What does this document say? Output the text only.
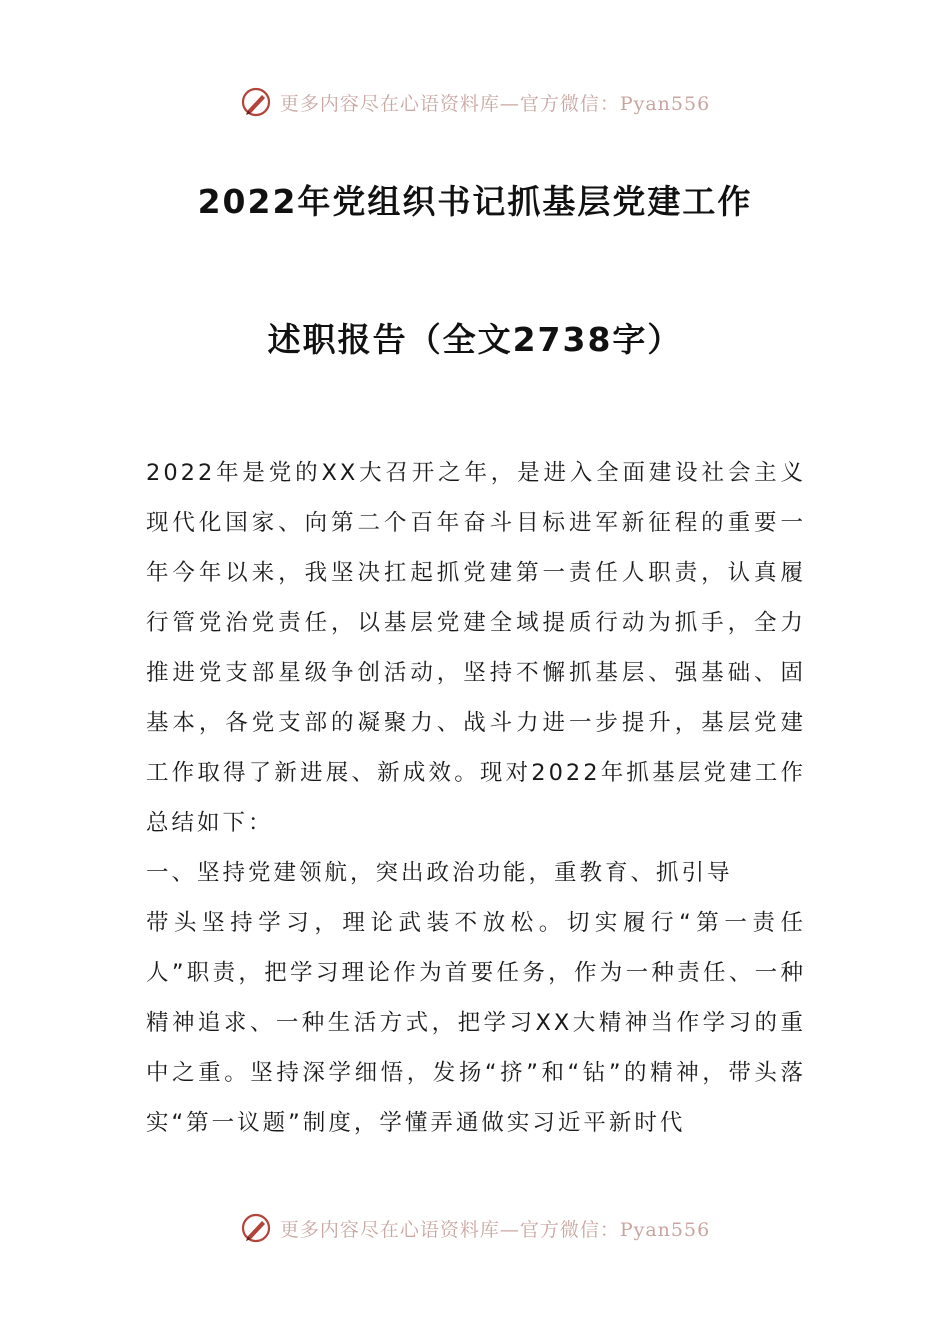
更多内容尽在心语资料库—官方微信：Pyan556
2022年党组织书记抓基层党建工作
述职报告（全文2738字）

2022年是党的XX大召开之年，是进入全面建设社会主义现代化国家、向第二个百年奋斗目标进军新征程的重要一年今年以来，我坚决扛起抓党建第一责任人职责，认真履行管党治党责任，以基层党建全域提质行动为抓手，全力推进党支部星级争创活动，坚持不懈抓基层、强基础、固基本，各党支部的凝聚力、战斗力进一步提升，基层党建工作取得了新进展、新成效。现对2022年抓基层党建工作总结如下：

一、坚持党建领航，突出政治功能，重教育、抓引导

带头坚持学习，理论武装不放松。切实履行“第一责任人”职责，把学习理论作为首要任务，作为一种责任、一种精神追求、一种生活方式，把学习XX大精神当作学习的重中之重。坚持深学细悟，发扬“挤”和“钻”的精神，带头落实“第一议题”制度，学懂弄通做实习近平新时代

更多内容尽在心语资料库—官方微信：Pyan556
